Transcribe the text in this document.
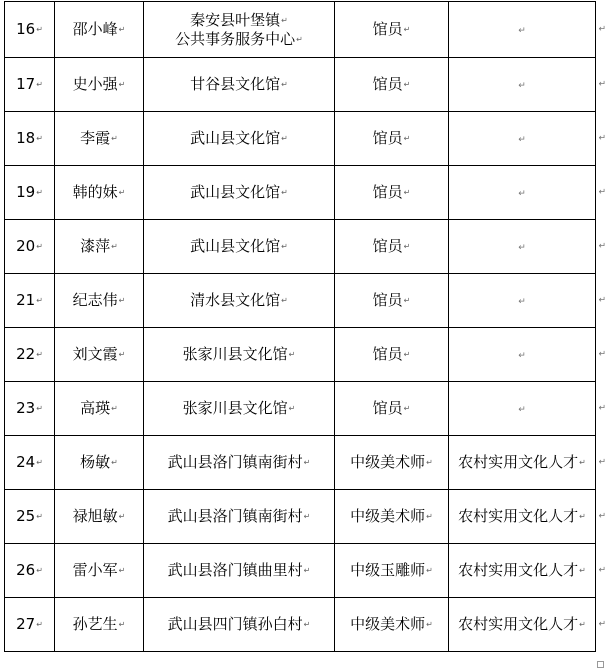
16↵	邵小峰↵	秦安县叶堡镇↵
公共事务服务中心↵	馆员↵	↵ ↵

17↵	史小强↵	甘谷县文化馆↵	馆员↵	↵ ↵

18↵	李霞↵	武山县文化馆↵	馆员↵	↵ ↵

19↵	韩的妹↵	武山县文化馆↵	馆员↵	↵ ↵

20↵	漆萍↵	武山县文化馆↵	馆员↵	↵ ↵

21↵	纪志伟↵	清水县文化馆↵	馆员↵	↵ ↵

22↵	刘文霞↵	张家川县文化馆↵	馆员↵	↵ ↵

23↵	高瑛↵	张家川县文化馆↵	馆员↵	↵ ↵

24↵	杨敏↵	武山县洛门镇南街村↵	中级美术师↵	农村实用文化人才↵ ↵

25↵	禄旭敏↵	武山县洛门镇南街村↵	中级美术师↵	农村实用文化人才↵ ↵

26↵	雷小军↵	武山县洛门镇曲里村↵	中级玉雕师↵	农村实用文化人才↵ ↵

27↵	孙艺生↵	武山县四门镇孙白村↵	中级美术师↵	农村实用文化人才↵ ↵
